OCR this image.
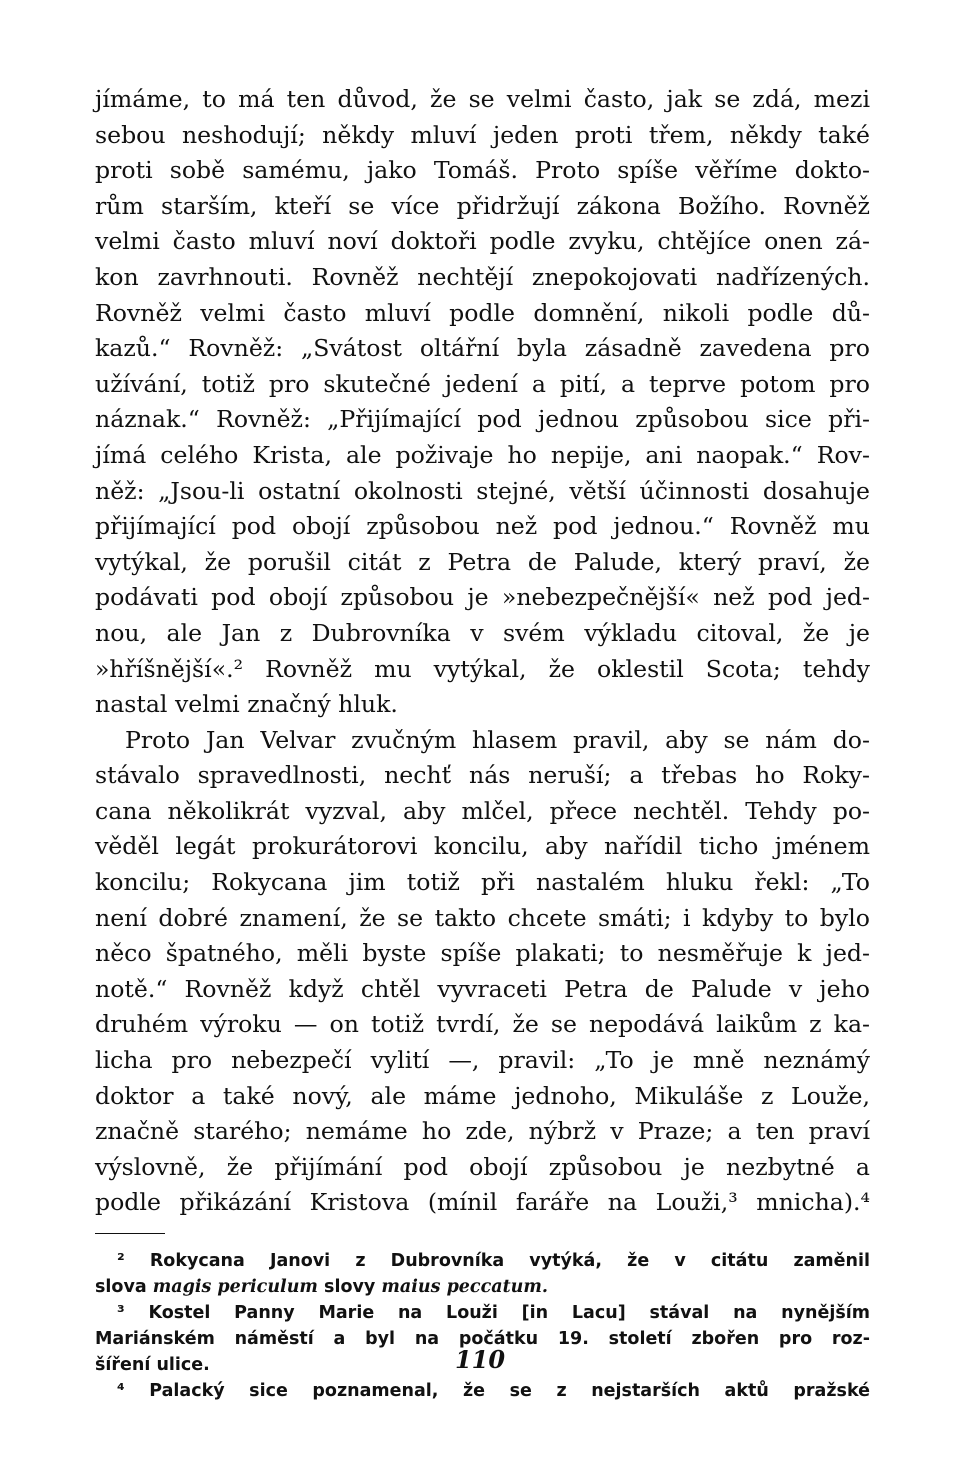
jímáme, to má ten důvod, že se velmi často, jak se zdá, mezi
sebou neshodují; někdy mluví jeden proti třem, někdy také
proti sobě samému, jako Tomáš. Proto spíše věříme dokto-
rům starším, kteří se více přidržují zákona Božího. Rovněž
velmi často mluví noví doktoři podle zvyku, chtějíce onen zá-
kon zavrhnouti. Rovněž nechtějí znepokojovati nadřízených.
Rovněž velmi často mluví podle domnění, nikoli podle dů-
kazů.“ Rovněž: „Svátost oltářní byla zásadně zavedena pro
užívání, totiž pro skutečné jedení a pití, a teprve potom pro
náznak.“ Rovněž: „Přijímající pod jednou způsobou sice při-
jímá celého Krista, ale poživaje ho nepije, ani naopak.“ Rov-
něž: „Jsou-li ostatní okolnosti stejné, větší účinnosti dosahuje
přijímající pod obojí způsobou než pod jednou.“ Rovněž mu
vytýkal, že porušil citát z Petra de Palude, který praví, že
podávati pod obojí způsobou je »nebezpečnější« než pod jed-
nou, ale Jan z Dubrovníka v svém výkladu citoval, že je
»hříšnější«.² Rovněž mu vytýkal, že oklestil Scota; tehdy
nastal velmi značný hluk.
Proto Jan Velvar zvučným hlasem pravil, aby se nám do-
stávalo spravedlnosti, nechť nás neruší; a třebas ho Roky-
cana několikrát vyzval, aby mlčel, přece nechtěl. Tehdy po-
věděl legát prokurátorovi koncilu, aby nařídil ticho jménem
koncilu; Rokycana jim totiž při nastalém hluku řekl: „To
není dobré znamení, že se takto chcete smáti; i kdyby to bylo
něco špatného, měli byste spíše plakati; to nesměřuje k jed-
notě.“ Rovněž když chtěl vyvraceti Petra de Palude v jeho
druhém výroku — on totiž tvrdí, že se nepodává laikům z ka-
licha pro nebezpečí vylití —, pravil: „To je mně neznámý
doktor a také nový, ale máme jednoho, Mikuláše z Louže,
značně starého; nemáme ho zde, nýbrž v Praze; a ten praví
výslovně, že přijímání pod obojí způsobou je nezbytné a
podle přikázání Kristova (mínil faráře na Louži,³ mnicha).⁴
² Rokycana Janovi z Dubrovníka vytýká, že v citátu zaměnil
slova magis periculum slovy maius peccatum.
³ Kostel Panny Marie na Louži [in Lacu] stával na nynějším
Mariánském náměstí a byl na počátku 19. století zbořen pro roz-
šíření ulice.
⁴ Palacký sice poznamenal, že se z nejstarších aktů pražské
110
